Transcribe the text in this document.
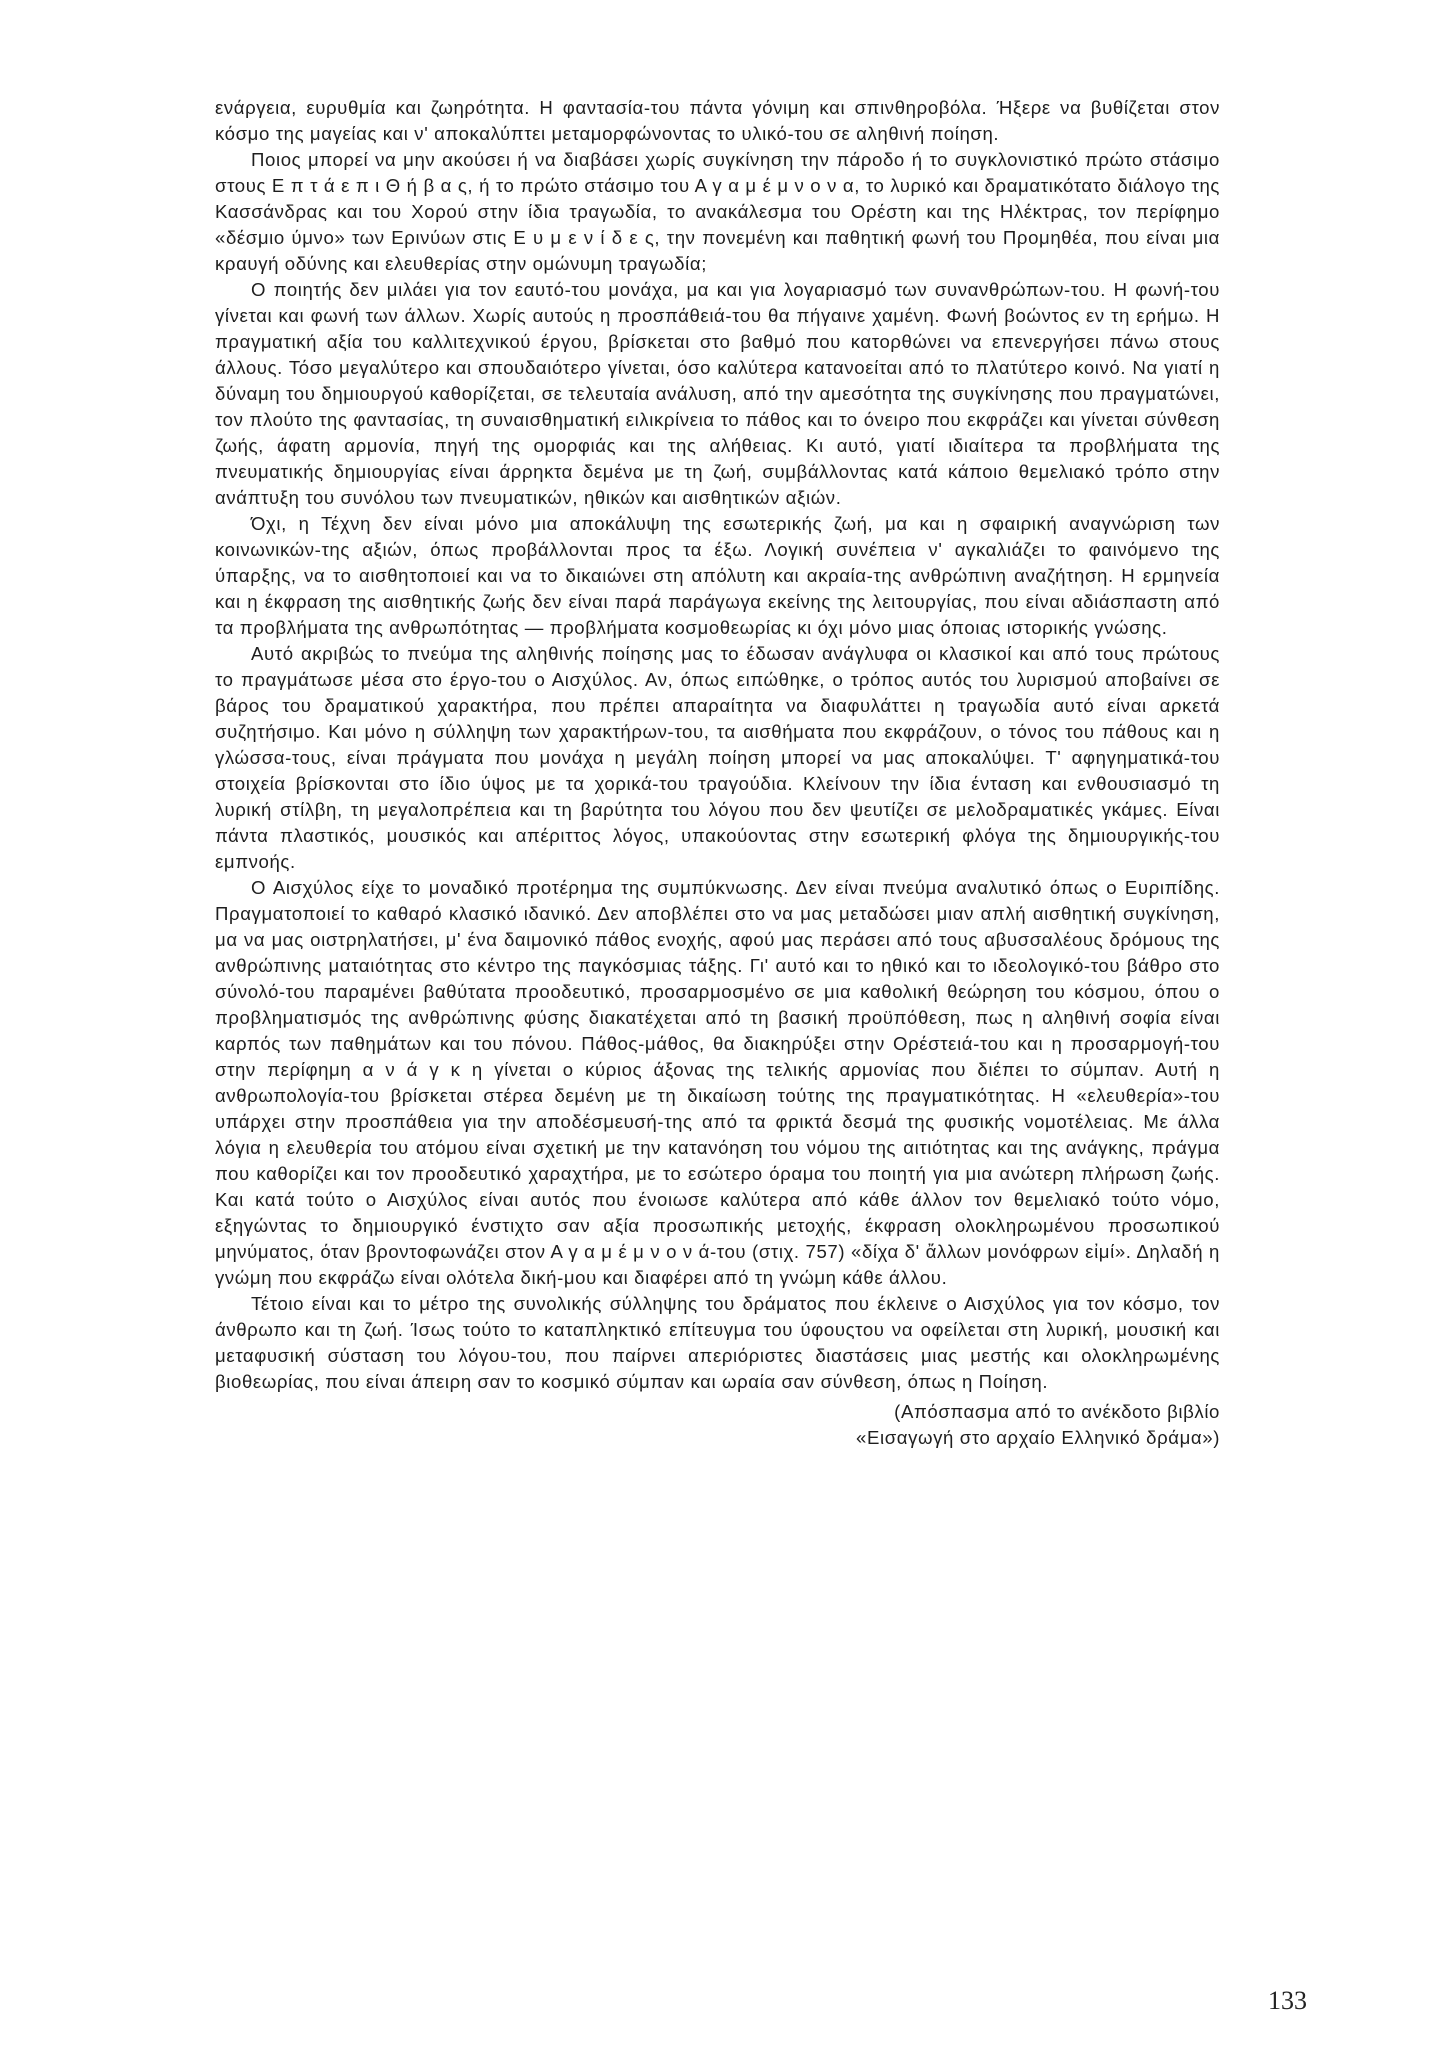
ενάργεια, ευρυθμία και ζωηρότητα. Η φαντασία-του πάντα γόνιμη και σπινθηροβόλα. Ήξερε να βυθίζεται στον κόσμο της μαγείας και ν' αποκαλύπτει μεταμορφώνοντας το υλικό-του σε αληθινή ποίηση.

Ποιος μπορεί να μην ακούσει ή να διαβάσει χωρίς συγκίνηση την πάροδο ή το συγκλονιστικό πρώτο στάσιμο στους Ε π τ ά ε π ι Θ ή β α ς, ή το πρώτο στάσιμο του Α γ α μ έ μ ν ο ν α, το λυρικό και δραματικότατο διάλογο της Κασσάνδρας και του Χορού στην ίδια τραγωδία, το ανακάλεσμα του Ορέστη και της Ηλέκτρας, τον περίφημο «δέσμιο ύμνο» των Ερινύων στις Ε υ μ ε ν ί δ ε ς, την πονεμένη και παθητική φωνή του Προμηθέα, που είναι μια κραυγή οδύνης και ελευθερίας στην ομώνυμη τραγωδία;

Ο ποιητής δεν μιλάει για τον εαυτό-του μονάχα, μα και για λογαριασμό των συνανθρώπων-του. Η φωνή-του γίνεται και φωνή των άλλων. Χωρίς αυτούς η προσπάθειά-του θα πήγαινε χαμένη. Φωνή βοώντος εν τη ερήμω. Η πραγματική αξία του καλλιτεχνικού έργου, βρίσκεται στο βαθμό που κατορθώνει να επενεργήσει πάνω στους άλλους. Τόσο μεγαλύτερο και σπουδαιότερο γίνεται, όσο καλύτερα κατανοείται από το πλατύτερο κοινό. Να γιατί η δύναμη του δημιουργού καθορίζεται, σε τελευταία ανάλυση, από την αμεσότητα της συγκίνησης που πραγματώνει, τον πλούτο της φαντασίας, τη συναισθηματική ειλικρίνεια το πάθος και το όνειρο που εκφράζει και γίνεται σύνθεση ζωής, άφατη αρμονία, πηγή της ομορφιάς και της αλήθειας. Κι αυτό, γιατί ιδιαίτερα τα προβλήματα της πνευματικής δημιουργίας είναι άρρηκτα δεμένα με τη ζωή, συμβάλλοντας κατά κάποιο θεμελιακό τρόπο στην ανάπτυξη του συνόλου των πνευματικών, ηθικών και αισθητικών αξιών.

Όχι, η Τέχνη δεν είναι μόνο μια αποκάλυψη της εσωτερικής ζωή, μα και η σφαιρική αναγνώριση των κοινωνικών-της αξιών, όπως προβάλλονται προς τα έξω. Λογική συνέπεια ν' αγκαλιάζει το φαινόμενο της ύπαρξης, να το αισθητοποιεί και να το δικαιώνει στη απόλυτη και ακραία-της ανθρώπινη αναζήτηση. Η ερμηνεία και η έκφραση της αισθητικής ζωής δεν είναι παρά παράγωγα εκείνης της λειτουργίας, που είναι αδιάσπαστη από τα προβλήματα της ανθρωπότητας — προβλήματα κοσμοθεωρίας κι όχι μόνο μιας όποιας ιστορικής γνώσης.

Αυτό ακριβώς το πνεύμα της αληθινής ποίησης μας το έδωσαν ανάγλυφα οι κλασικοί και από τους πρώτους το πραγμάτωσε μέσα στο έργο-του ο Αισχύλος. Αν, όπως ειπώθηκε, ο τρόπος αυτός του λυρισμού αποβαίνει σε βάρος του δραματικού χαρακτήρα, που πρέπει απαραίτητα να διαφυλάττει η τραγωδία αυτό είναι αρκετά συζητήσιμο. Και μόνο η σύλληψη των χαρακτήρων-του, τα αισθήματα που εκφράζουν, ο τόνος του πάθους και η γλώσσα-τους, είναι πράγματα που μονάχα η μεγάλη ποίηση μπορεί να μας αποκαλύψει. Τ' αφηγηματικά-του στοιχεία βρίσκονται στο ίδιο ύψος με τα χορικά-του τραγούδια. Κλείνουν την ίδια ένταση και ενθουσιασμό τη λυρική στίλβη, τη μεγαλοπρέπεια και τη βαρύτητα του λόγου που δεν ψευτίζει σε μελοδραματικές γκάμες. Είναι πάντα πλαστικός, μουσικός και απέριττος λόγος, υπακούοντας στην εσωτερική φλόγα της δημιουργικής-του εμπνοής.

Ο Αισχύλος είχε το μοναδικό προτέρημα της συμπύκνωσης. Δεν είναι πνεύμα αναλυτικό όπως ο Ευριπίδης. Πραγματοποιεί το καθαρό κλασικό ιδανικό. Δεν αποβλέπει στο να μας μεταδώσει μιαν απλή αισθητική συγκίνηση, μα να μας οιστρηλατήσει, μ' ένα δαιμονικό πάθος ενοχής, αφού μας περάσει από τους αβυσσαλέους δρόμους της ανθρώπινης ματαιότητας στο κέντρο της παγκόσμιας τάξης. Γι' αυτό και το ηθικό και το ιδεολογικό-του βάθρο στο σύνολό-του παραμένει βαθύτατα προοδευτικό, προσαρμοσμένο σε μια καθολική θεώρηση του κόσμου, όπου ο προβληματισμός της ανθρώπινης φύσης διακατέχεται από τη βασική προϋπόθεση, πως η αληθινή σοφία είναι καρπός των παθημάτων και του πόνου. Πάθος-μάθος, θα διακηρύξει στην Ορέστειά-του και η προσαρμογή-του στην περίφημη α ν ά γ κ η γίνεται ο κύριος άξονας της τελικής αρμονίας που διέπει το σύμπαν. Αυτή η ανθρωπολογία-του βρίσκεται στέρεα δεμένη με τη δικαίωση τούτης της πραγματικότητας. Η «ελευθερία»-του υπάρχει στην προσπάθεια για την αποδέσμευσή-της από τα φρικτά δεσμά της φυσικής νομοτέλειας. Με άλλα λόγια η ελευθερία του ατόμου είναι σχετική με την κατανόηση του νόμου της αιτιότητας και της ανάγκης, πράγμα που καθορίζει και τον προοδευτικό χαραχτήρα, με το εσώτερο όραμα του ποιητή για μια ανώτερη πλήρωση ζωής. Και κατά τούτο ο Αισχύλος είναι αυτός που ένοιωσε καλύτερα από κάθε άλλον τον θεμελιακό τούτο νόμο, εξηγώντας το δημιουργικό ένστιχτο σαν αξία προσωπικής μετοχής, έκφραση ολοκληρωμένου προσωπικού μηνύματος, όταν βροντοφωνάζει στον Α γ α μ έ μ ν ο ν ά-του (στιχ. 757) «δίχα δ' ἄλλων μονόφρων εἰμί». Δηλαδή η γνώμη που εκφράζω είναι ολότελα δική-μου και διαφέρει από τη γνώμη κάθε άλλου.

Τέτοιο είναι και το μέτρο της συνολικής σύλληψης του δράματος που έκλεινε ο Αισχύλος για τον κόσμο, τον άνθρωπο και τη ζωή. Ίσως τούτο το καταπληκτικό επίτευγμα του ύφουςτου να οφείλεται στη λυρική, μουσική και μεταφυσική σύσταση του λόγου-του, που παίρνει απεριόριστες διαστάσεις μιας μεστής και ολοκληρωμένης βιοθεωρίας, που είναι άπειρη σαν το κοσμικό σύμπαν και ωραία σαν σύνθεση, όπως η Ποίηση.

(Απόσπασμα από το ανέκδοτο βιβλίο
«Εισαγωγή στο αρχαίο Ελληνικό δράμα»)
133
